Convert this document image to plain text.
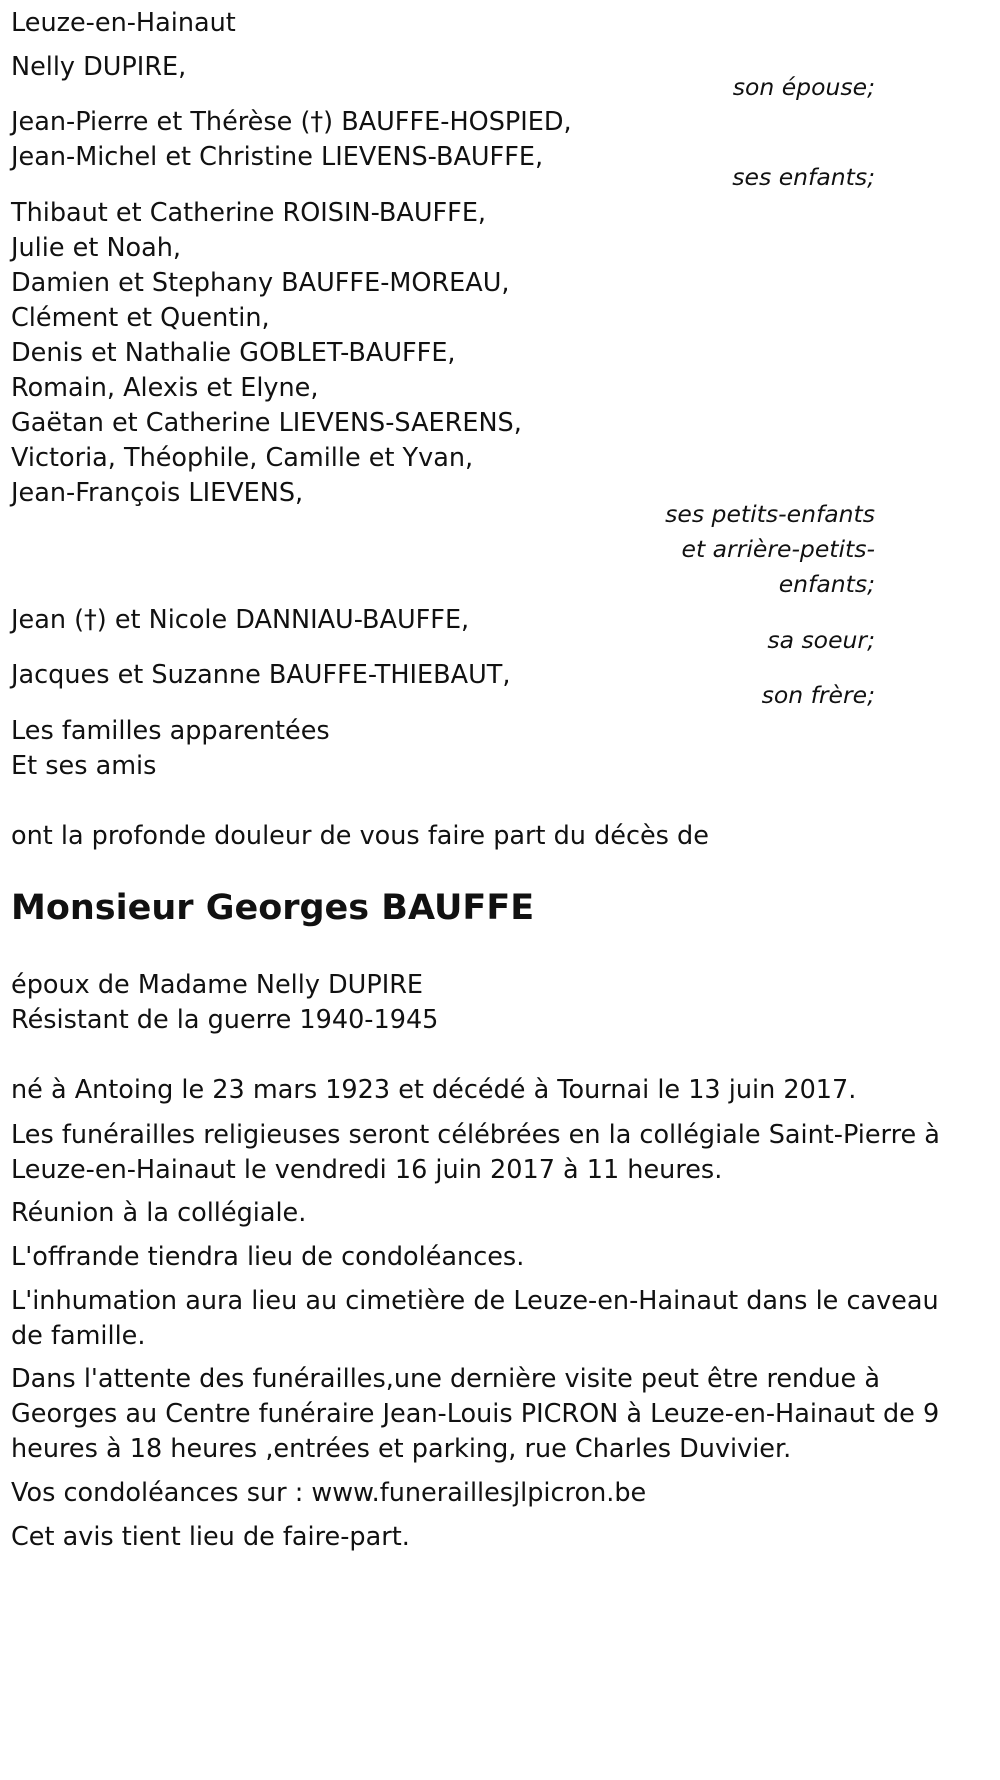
Leuze-en-Hainaut
Nelly DUPIRE,
son épouse;
Jean-Pierre et Thérèse (†) BAUFFE-HOSPIED,
Jean-Michel et Christine LIEVENS-BAUFFE,
ses enfants;
Thibaut et Catherine ROISIN-BAUFFE,
Julie et Noah,
Damien et Stephany BAUFFE-MOREAU,
Clément et Quentin,
Denis et Nathalie GOBLET-BAUFFE,
Romain, Alexis et Elyne,
Gaëtan et Catherine LIEVENS-SAERENS,
Victoria, Théophile, Camille et Yvan,
Jean-François LIEVENS,
ses petits-enfants
et arrière-petits-
enfants;
Jean (†) et Nicole DANNIAU-BAUFFE,
sa soeur;
Jacques et Suzanne BAUFFE-THIEBAUT,
son frère;
Les familles apparentées
Et ses amis
ont la profonde douleur de vous faire part du décès de
Monsieur Georges BAUFFE
époux de Madame Nelly DUPIRE
Résistant de la guerre 1940-1945
né à Antoing le 23 mars 1923 et décédé à Tournai le 13 juin 2017.
Les funérailles religieuses seront célébrées en la collégiale Saint-Pierre à
Leuze-en-Hainaut le vendredi 16 juin 2017 à 11 heures.
Réunion à la collégiale.
L'offrande tiendra lieu de condoléances.
L'inhumation aura lieu au cimetière de Leuze-en-Hainaut dans le caveau
de famille.
Dans l'attente des funérailles,une dernière visite peut être rendue à
Georges au Centre funéraire Jean-Louis PICRON à Leuze-en-Hainaut de 9
heures à 18 heures ,entrées et parking, rue Charles Duvivier.
Vos condoléances sur : www.funeraillesjlpicron.be
Cet avis tient lieu de faire-part.
